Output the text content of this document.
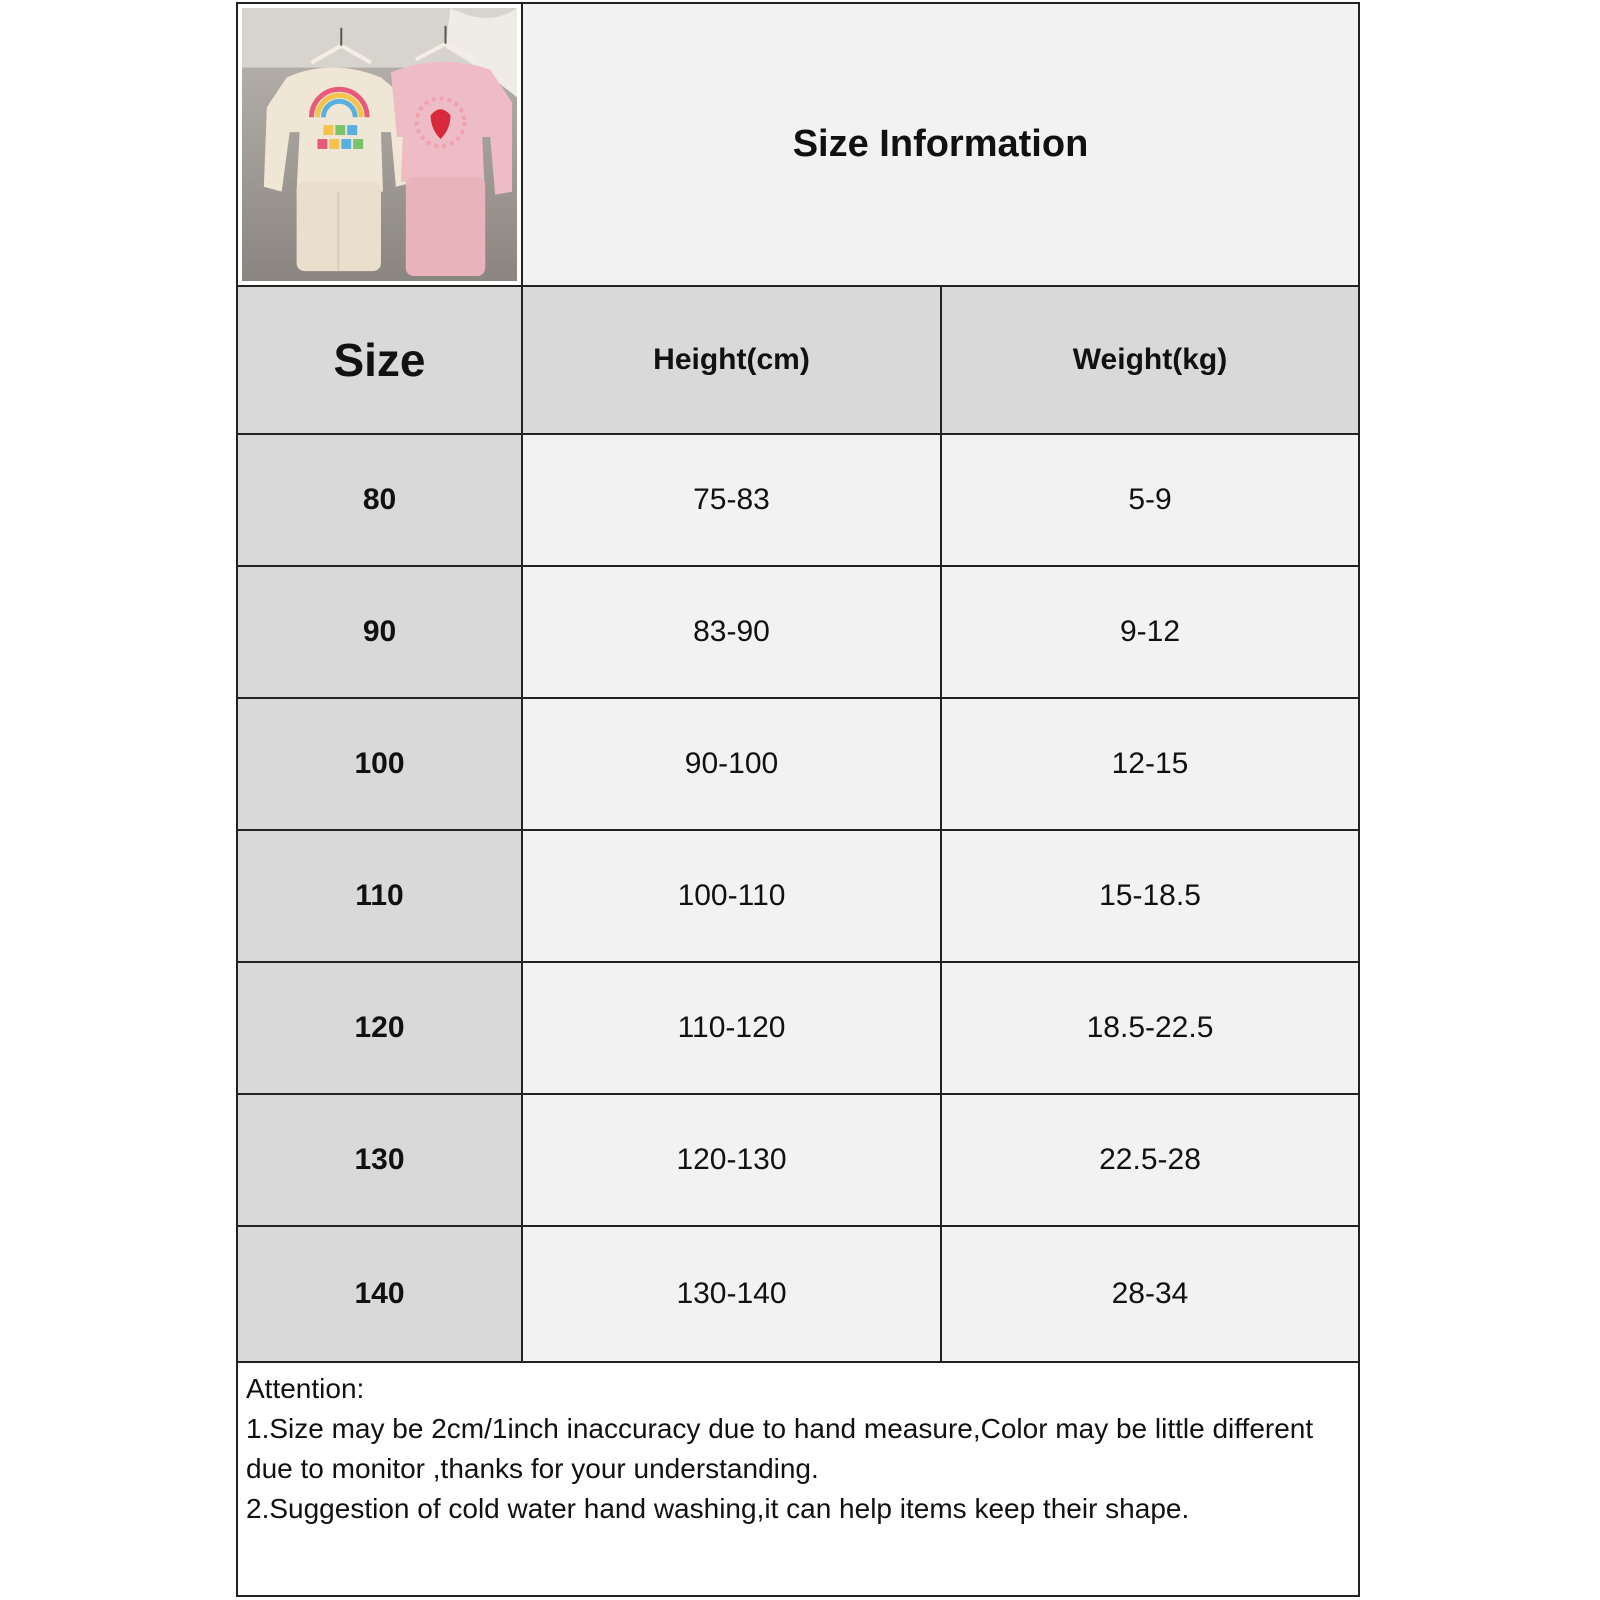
Size Information
Size	Height(cm)	Weight(kg)
80	75-83	5-9
90	83-90	9-12
100	90-100	12-15
110	100-110	15-18.5
120	110-120	18.5-22.5
130	120-130	22.5-28
140	130-140	28-34

Attention:

1.Size may be 2cm/1inch inaccuracy due to hand measure,Color may be little different due to monitor ,thanks for your understanding.

2.Suggestion of cold water hand washing,it can help items keep their shape.
